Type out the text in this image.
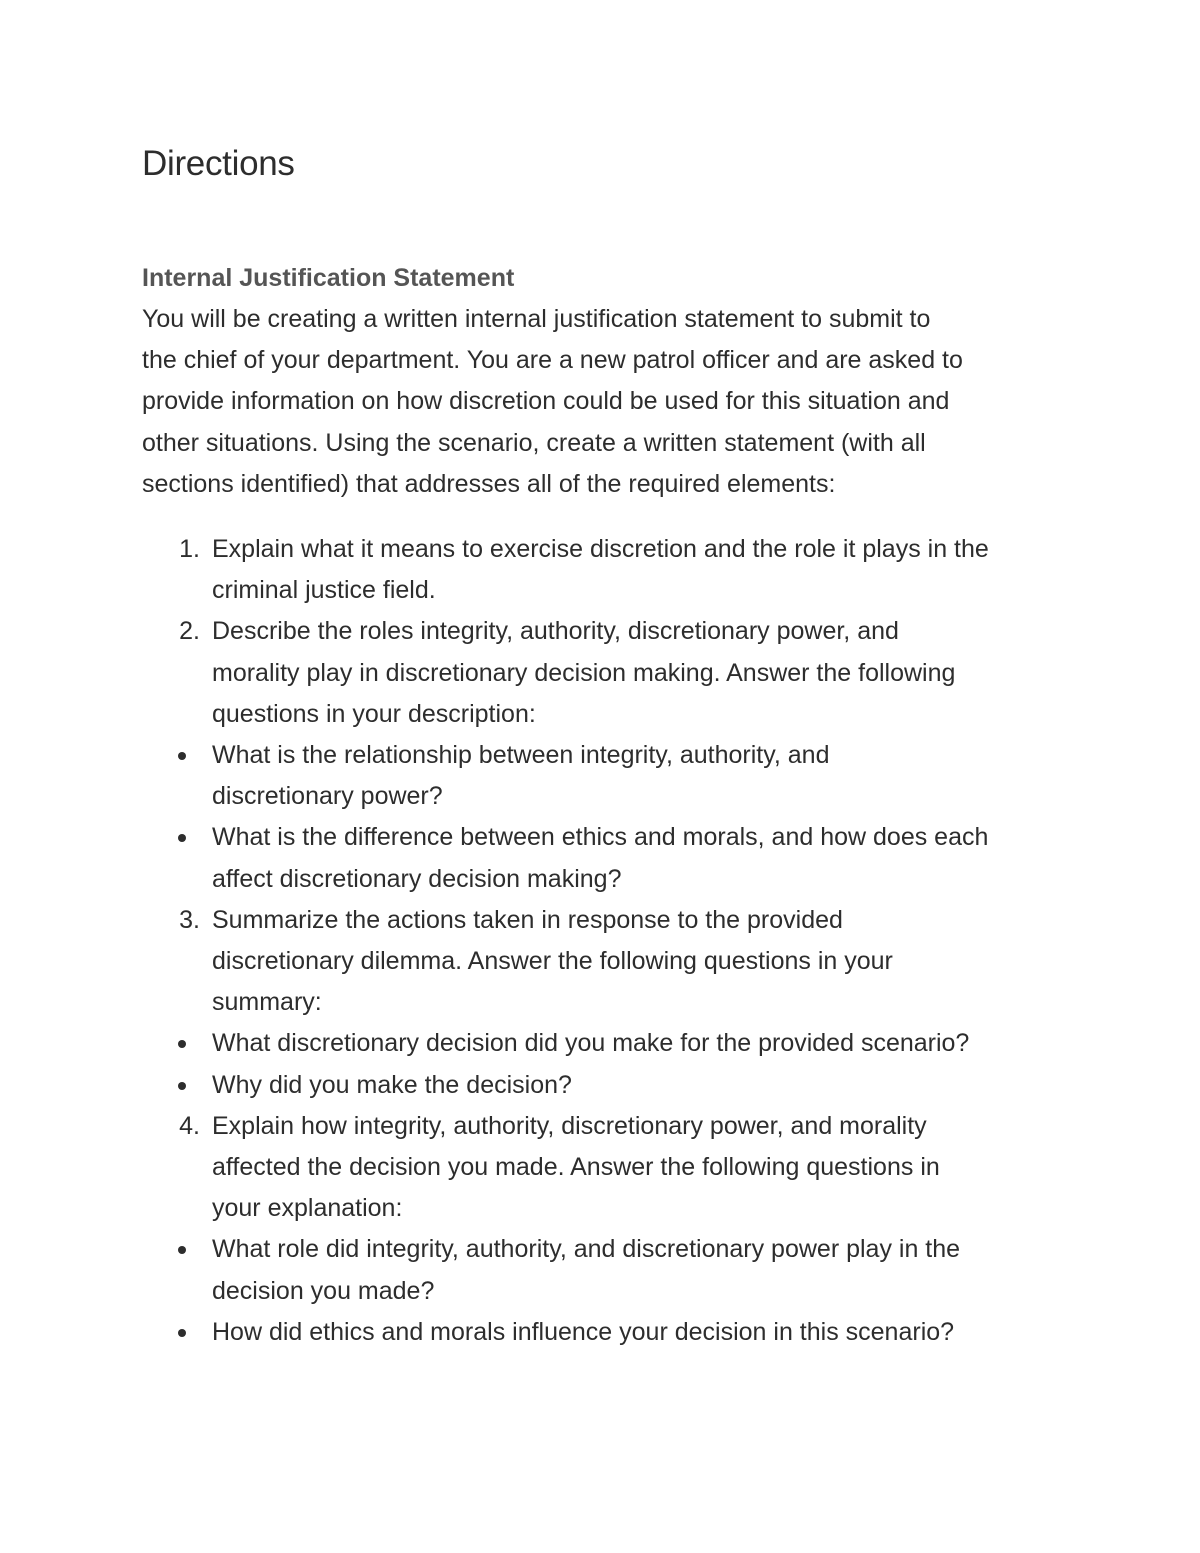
Directions
Internal Justification Statement

You will be creating a written internal justification statement to submit to
the chief of your department. You are a new patrol officer and are asked to
provide information on how discretion could be used for this situation and
other situations. Using the scenario, create a written statement (with all
sections identified) that addresses all of the required elements:

1. Explain what it means to exercise discretion and the role it plays in the
criminal justice field.
2. Describe the roles integrity, authority, discretionary power, and
morality play in discretionary decision making. Answer the following
questions in your description:
What is the relationship between integrity, authority, and
discretionary power?
What is the difference between ethics and morals, and how does each
affect discretionary decision making?
3. Summarize the actions taken in response to the provided
discretionary dilemma. Answer the following questions in your
summary:
What discretionary decision did you make for the provided scenario?
Why did you make the decision?
4. Explain how integrity, authority, discretionary power, and morality
affected the decision you made. Answer the following questions in
your explanation:
What role did integrity, authority, and discretionary power play in the
decision you made?
How did ethics and morals influence your decision in this scenario?
